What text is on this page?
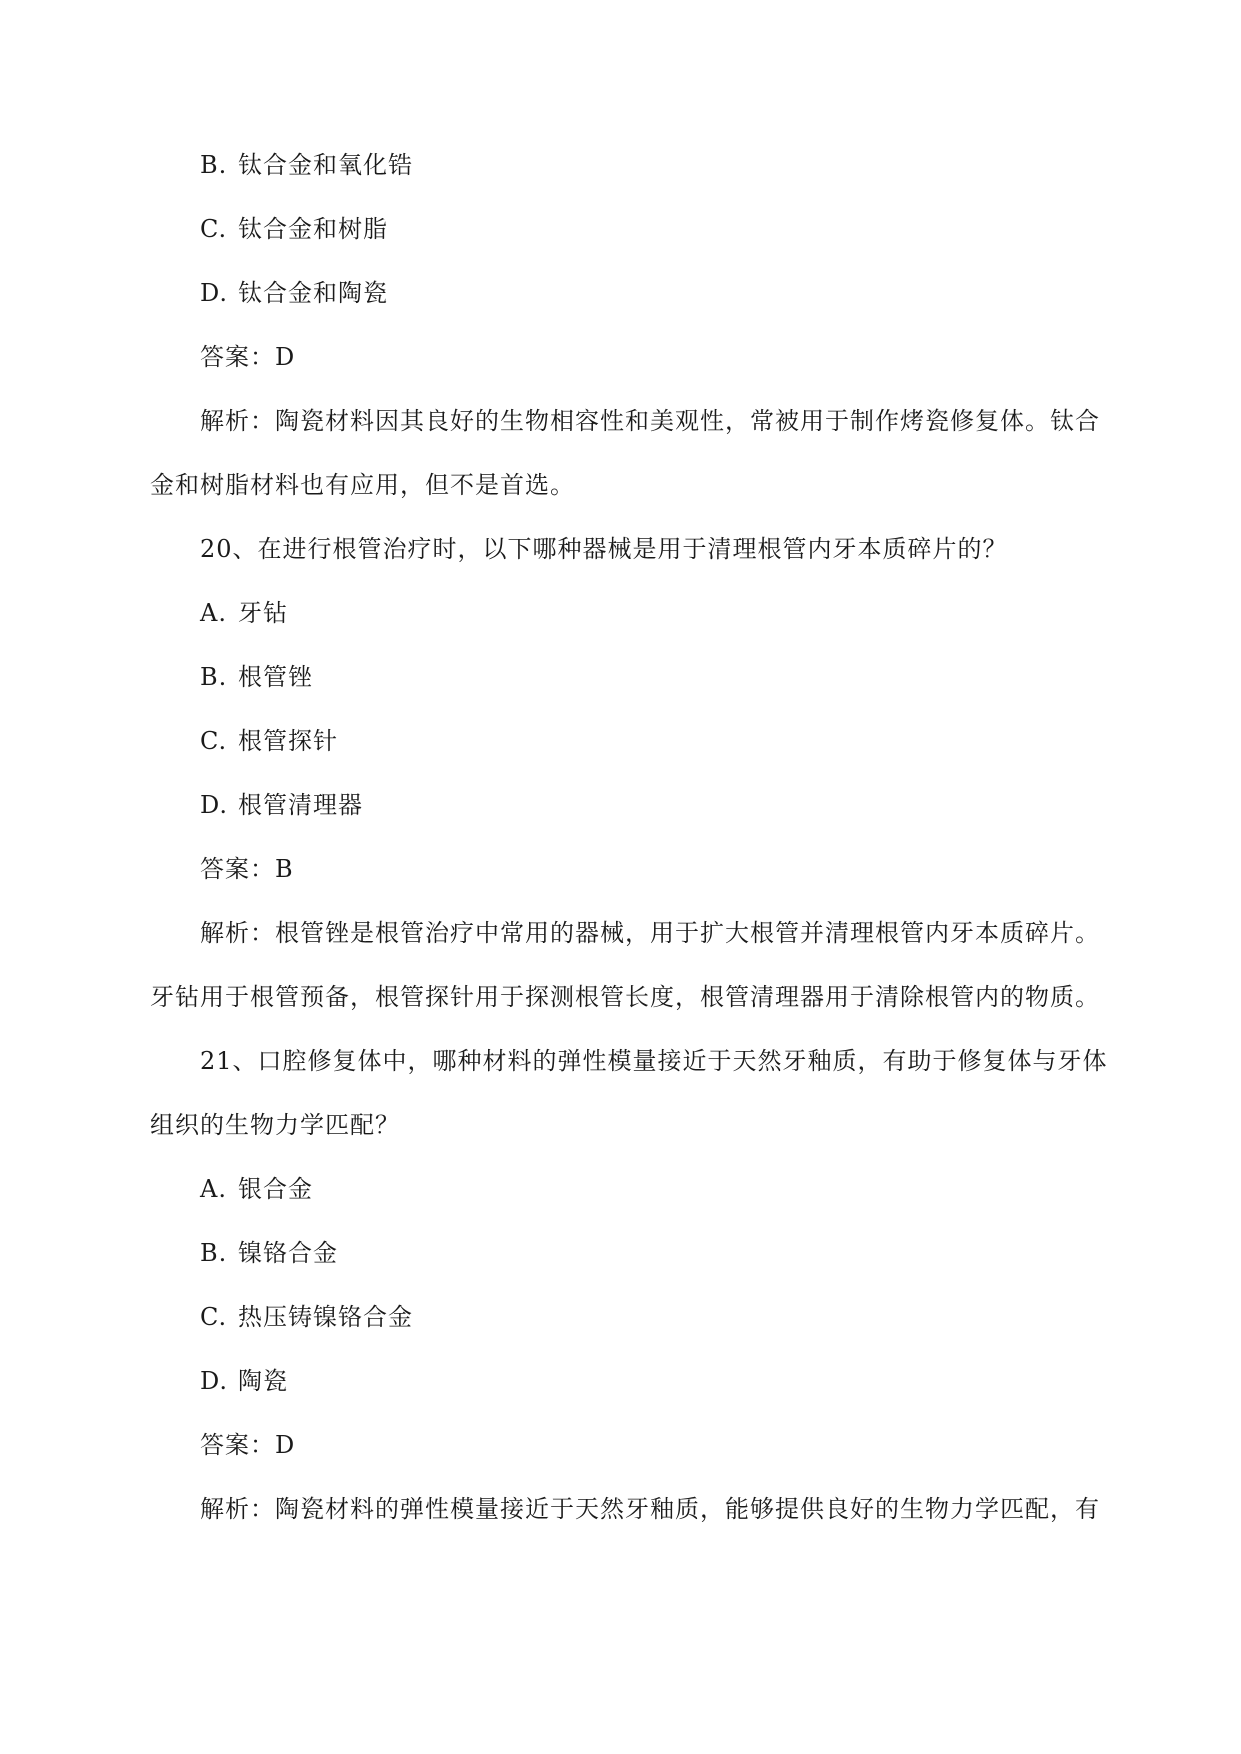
B. 钛合金和氧化锆
C. 钛合金和树脂
D. 钛合金和陶瓷
答案：D
解析：陶瓷材料因其良好的生物相容性和美观性，常被用于制作烤瓷修复体。钛合
金和树脂材料也有应用，但不是首选。
20、在进行根管治疗时，以下哪种器械是用于清理根管内牙本质碎片的？
A. 牙钻
B. 根管锉
C. 根管探针
D. 根管清理器
答案：B
解析：根管锉是根管治疗中常用的器械，用于扩大根管并清理根管内牙本质碎片。
牙钻用于根管预备，根管探针用于探测根管长度，根管清理器用于清除根管内的物质。
21、口腔修复体中，哪种材料的弹性模量接近于天然牙釉质，有助于修复体与牙体
组织的生物力学匹配？
A. 银合金
B. 镍铬合金
C. 热压铸镍铬合金
D. 陶瓷
答案：D
解析：陶瓷材料的弹性模量接近于天然牙釉质，能够提供良好的生物力学匹配，有
